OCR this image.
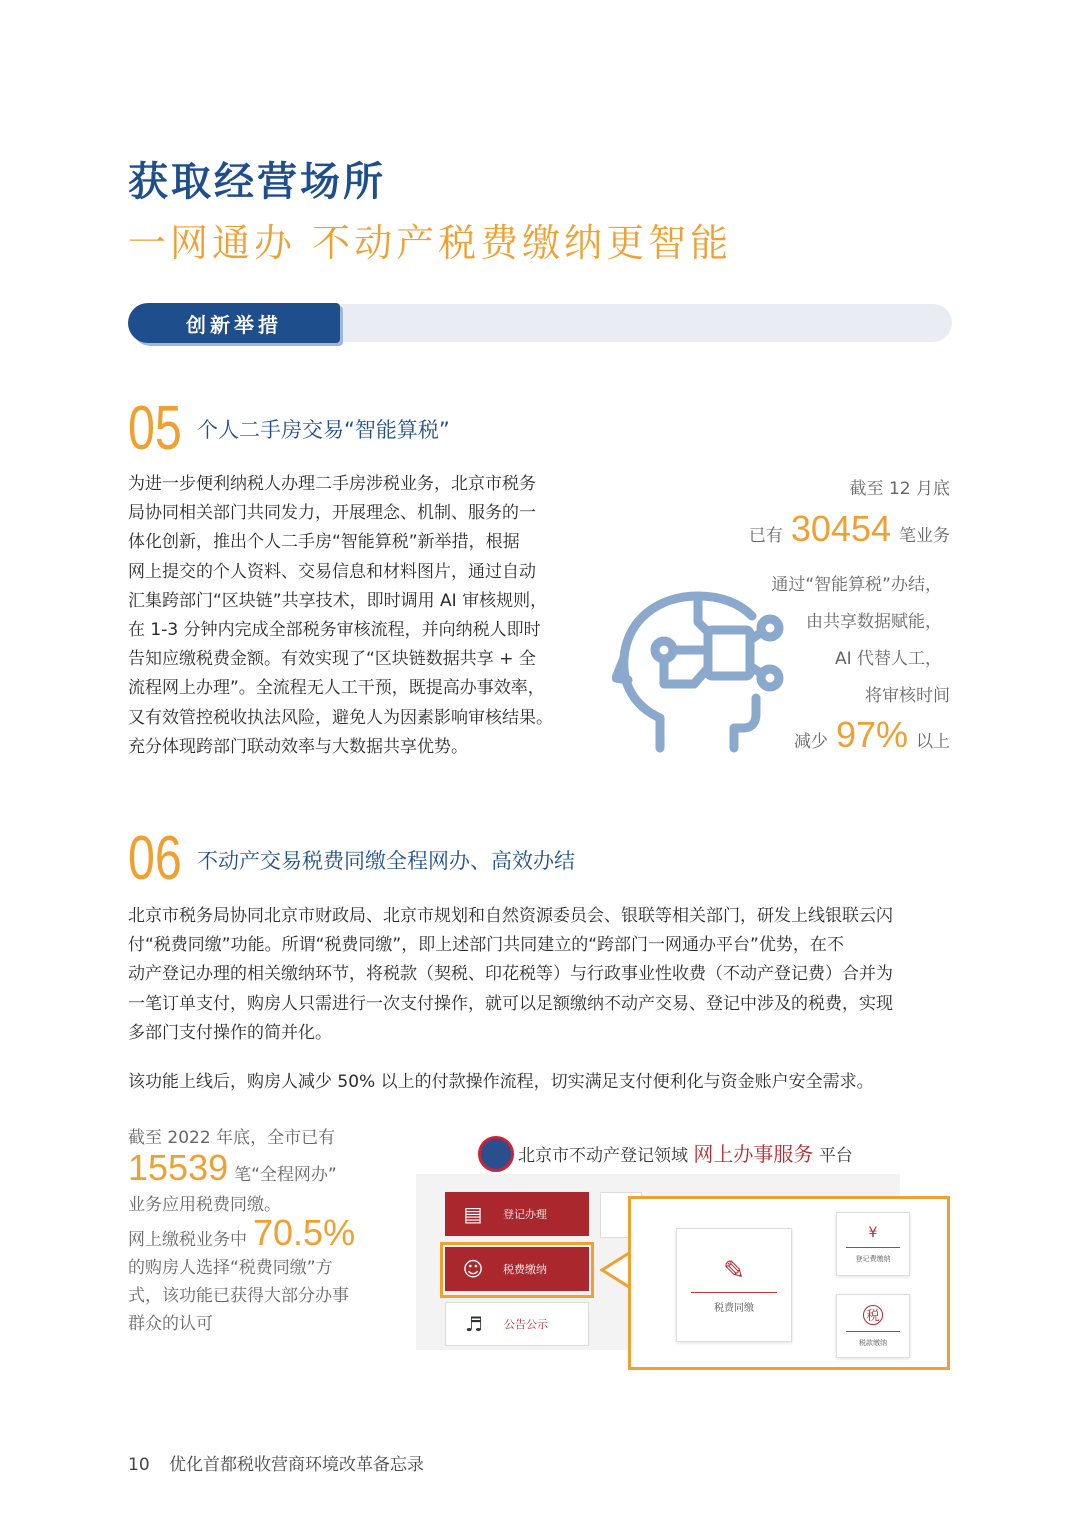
获取经营场所
一网通办 不动产税费缴纳更智能
创新举措
05 个人二手房交易“智能算税”
为进一步便利纳税人办理二手房涉税业务，北京市税务
局协同相关部门共同发力，开展理念、机制、服务的一
体化创新，推出个人二手房“智能算税”新举措，根据
网上提交的个人资料、交易信息和材料图片，通过自动
汇集跨部门“区块链”共享技术，即时调用 AI 审核规则，
在 1-3 分钟内完成全部税务审核流程，并向纳税人即时
告知应缴税费金额。有效实现了“区块链数据共享 + 全
流程网上办理”。全流程无人工干预，既提高办事效率，
又有效管控税收执法风险，避免人为因素影响审核结果。
充分体现跨部门联动效率与大数据共享优势。
截至 12 月底
已有 30454 笔业务
通过“智能算税”办结，
由共享数据赋能，
AI 代替人工，
将审核时间
减少 97% 以上
06 不动产交易税费同缴全程网办、高效办结
北京市税务局协同北京市财政局、北京市规划和自然资源委员会、银联等相关部门，研发上线银联云闪
付“税费同缴”功能。所谓“税费同缴”，即上述部门共同建立的“跨部门一网通办平台”优势，在不
动产登记办理的相关缴纳环节，将税款（契税、印花税等）与行政事业性收费（不动产登记费）合并为
一笔订单支付，购房人只需进行一次支付操作，就可以足额缴纳不动产交易、登记中涉及的税费，实现
多部门支付操作的简并化。
该功能上线后，购房人减少 50% 以上的付款操作流程，切实满足支付便利化与资金账户安全需求。
截至 2022 年底，全市已有
15539 笔“全程网办”
业务应用税费同缴。
网上缴税业务中 70.5%
的购房人选择“税费同缴”方
式，该功能已获得大部分办事
群众的认可
北京市不动产登记领域 网上办事服务 平台
▤	登记办理
☺	税费缴纳
♬	公告公示
✎
税费同缴
¥
登记费缴纳
税
税款缴纳
10 优化首都税收营商环境改革备忘录
